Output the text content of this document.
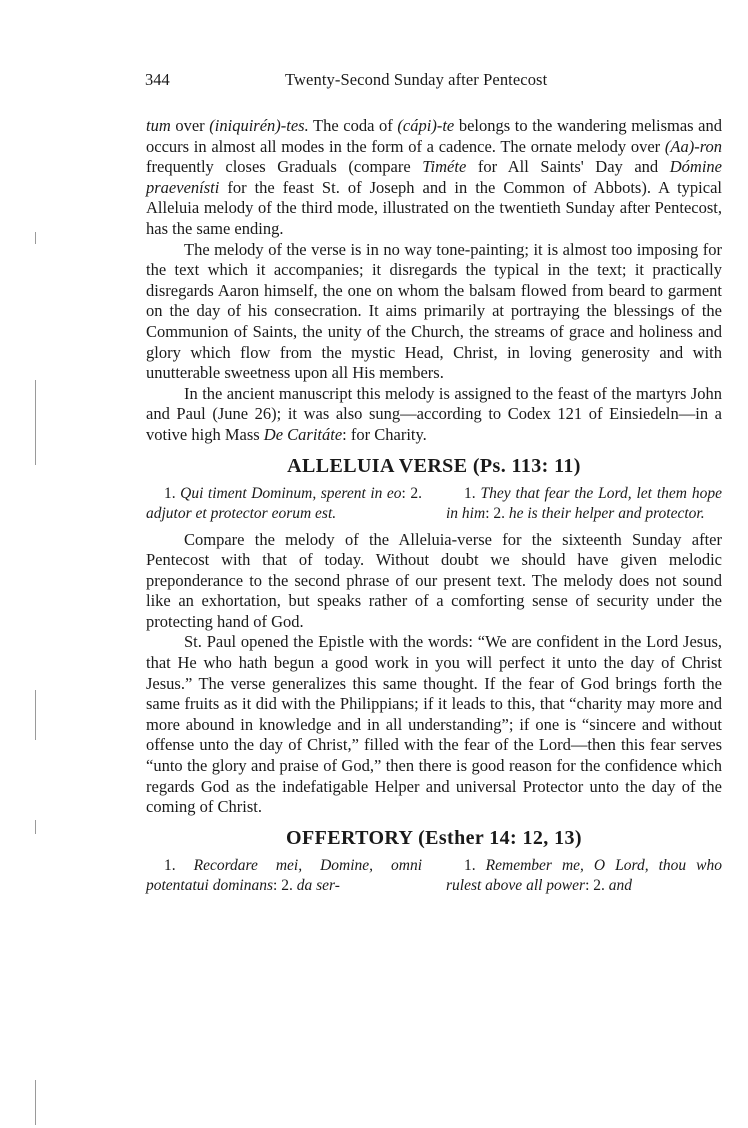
344	Twenty-Second Sunday after Pentecost

tum over (iniquirén)-tes. The coda of (cápi)-te belongs to the wandering melismas and occurs in almost all modes in the form of a cadence. The ornate melody over (Aa)-ron frequently closes Graduals (compare Timéte for All Saints' Day and Dómine praevenísti for the feast St. of Joseph and in the Common of Abbots). A typical Alleluia melody of the third mode, illustrated on the twentieth Sunday after Pentecost, has the same ending.

The melody of the verse is in no way tone-painting; it is almost too imposing for the text which it accompanies; it disregards the typical in the text; it practically disregards Aaron himself, the one on whom the balsam flowed from beard to garment on the day of his consecration. It aims primarily at portraying the blessings of the Communion of Saints, the unity of the Church, the streams of grace and holiness and glory which flow from the mystic Head, Christ, in loving generosity and with unutterable sweetness upon all His members.

In the ancient manuscript this melody is assigned to the feast of the martyrs John and Paul (June 26); it was also sung—according to Codex 121 of Einsiedeln—in a votive high Mass De Caritáte: for Charity.

ALLELUIA VERSE (Ps. 113: 11)
1. Qui timent Dominum, sperent in eo: 2. adjutor et protector eorum est.
1. They that fear the Lord, let them hope in him: 2. he is their helper and protector.

Compare the melody of the Alleluia-verse for the sixteenth Sunday after Pentecost with that of today. Without doubt we should have given melodic preponderance to the second phrase of our present text. The melody does not sound like an exhortation, but speaks rather of a comforting sense of security under the protecting hand of God.

St. Paul opened the Epistle with the words: “We are confident in the Lord Jesus, that He who hath begun a good work in you will perfect it unto the day of Christ Jesus.” The verse generalizes this same thought. If the fear of God brings forth the same fruits as it did with the Philippians; if it leads to this, that “charity may more and more abound in knowledge and in all understanding”; if one is “sincere and without offense unto the day of Christ,” filled with the fear of the Lord—then this fear serves “unto the glory and praise of God,” then there is good reason for the confidence which regards God as the indefatigable Helper and universal Protector unto the day of the coming of Christ.

OFFERTORY (Esther 14: 12, 13)
1. Recordare mei, Domine, omni potentatui dominans: 2. da ser-
1. Remember me, O Lord, thou who rulest above all power: 2. and
